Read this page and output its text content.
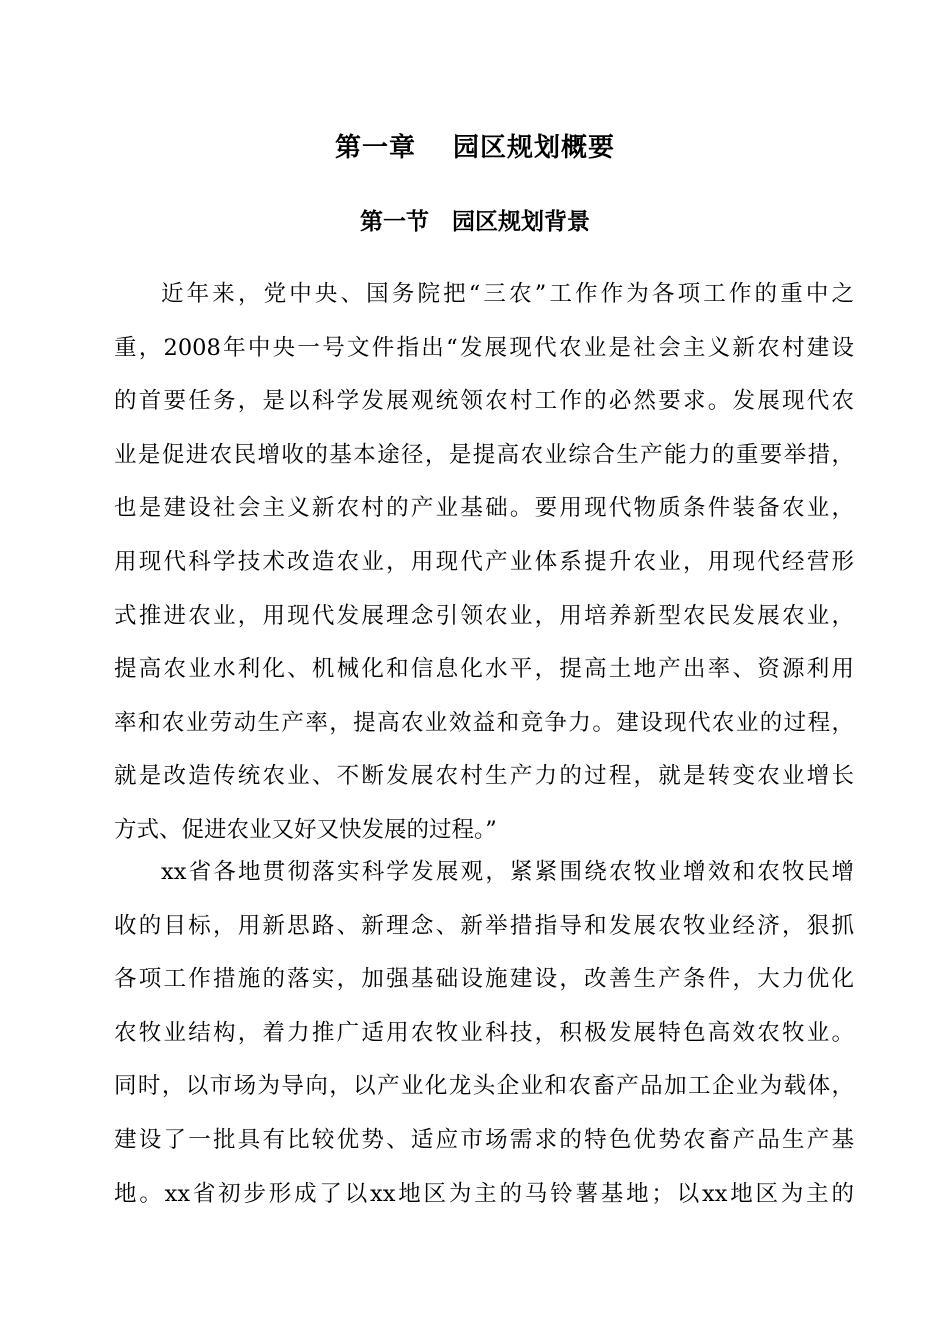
第一章　 园区规划概要
第一节　园区规划背景
近年来，党中央、国务院把“三农”工作作为各项工作的重中之
重，2008年中央一号文件指出“发展现代农业是社会主义新农村建设
的首要任务，是以科学发展观统领农村工作的必然要求。发展现代农
业是促进农民增收的基本途径，是提高农业综合生产能力的重要举措，
也是建设社会主义新农村的产业基础。要用现代物质条件装备农业，
用现代科学技术改造农业，用现代产业体系提升农业，用现代经营形
式推进农业，用现代发展理念引领农业，用培养新型农民发展农业，
提高农业水利化、机械化和信息化水平，提高土地产出率、资源利用
率和农业劳动生产率，提高农业效益和竞争力。建设现代农业的过程，
就是改造传统农业、不断发展农村生产力的过程，就是转变农业增长
方式、促进农业又好又快发展的过程。”
xx省各地贯彻落实科学发展观，紧紧围绕农牧业增效和农牧民增
收的目标，用新思路、新理念、新举措指导和发展农牧业经济，狠抓
各项工作措施的落实，加强基础设施建设，改善生产条件，大力优化
农牧业结构，着力推广适用农牧业科技，积极发展特色高效农牧业。
同时，以市场为导向，以产业化龙头企业和农畜产品加工企业为载体，
建设了一批具有比较优势、适应市场需求的特色优势农畜产品生产基
地。xx省初步形成了以xx地区为主的马铃薯基地；以xx地区为主的
